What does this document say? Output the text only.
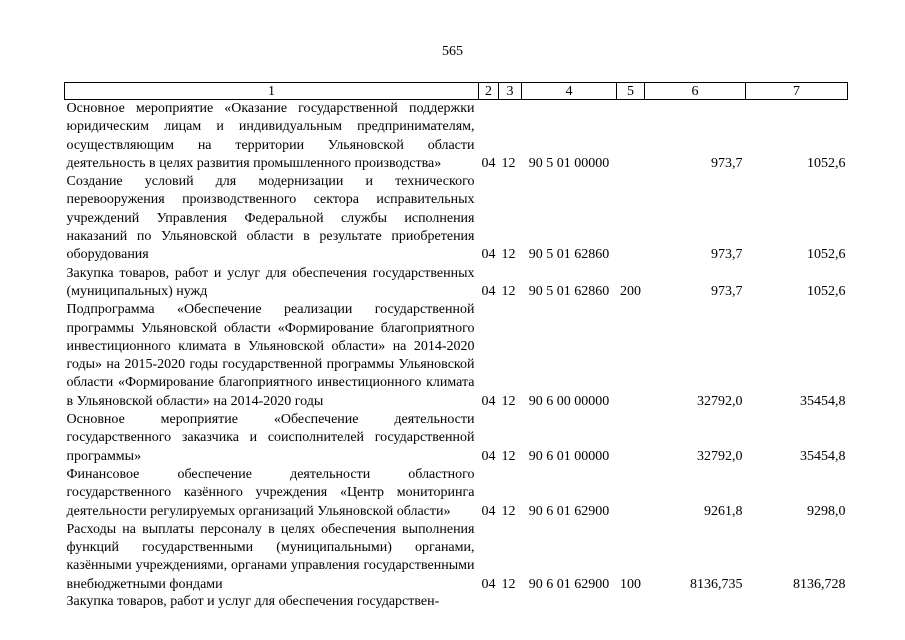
565
1	2	3	4	5	6	7
Основное мероприятие «Оказание государственной поддержки юридическим лицам и индивидуальным предпринимателям, осуществляющим на территории Ульяновской области деятельность в целях развития промышленного производства»	04	12	90 5 01 00000		973,7	1052,6
Создание условий для модернизации и технического перевооружения производственного сектора исправительных учреждений Управления Федеральной службы исполнения наказаний по Ульяновской области в результате приобретения оборудования	04	12	90 5 01 62860		973,7	1052,6
Закупка товаров, работ и услуг для обеспечения государственных (муниципальных) нужд	04	12	90 5 01 62860	200	973,7	1052,6
Подпрограмма «Обеспечение реализации государственной программы Ульяновской области «Формирование благоприятного инвестиционного климата в Ульяновской области» на 2014-2020 годы» на 2015-2020 годы государственной программы Ульяновской области «Формирование благоприятного инвестиционного климата в Ульяновской области» на 2014-2020 годы	04	12	90 6 00 00000		32792,0	35454,8
Основное мероприятие «Обеспечение деятельности государственного заказчика и соисполнителей государственной программы»	04	12	90 6 01 00000		32792,0	35454,8
Финансовое обеспечение деятельности областного государственного казённого учреждения «Центр мониторинга деятельности регулируемых организаций Ульяновской области»	04	12	90 6 01 62900		9261,8	9298,0
Расходы на выплаты персоналу в целях обеспечения выполнения функций государственными (муниципальными) органами, казёнными учреждениями, органами управления государственными внебюджетными фондами	04	12	90 6 01 62900	100	8136,735	8136,728
Закупка товаров, работ и услуг для обеспечения государствен-						
